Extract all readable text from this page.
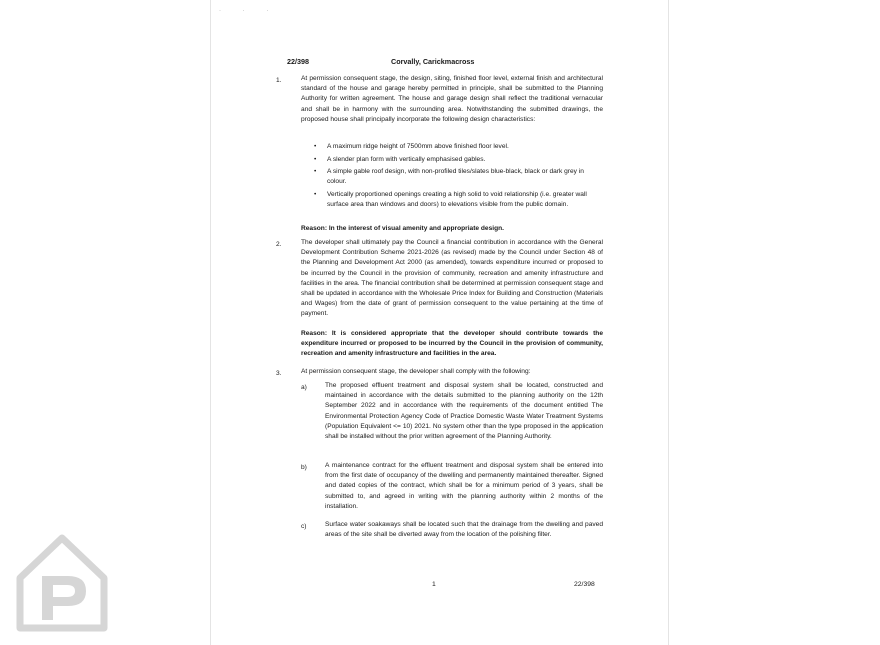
· · ·
22/398	Corvally, Carickmacross
1.	At permission consequent stage, the design, siting, finished floor level, external finish and architectural standard of the house and garage hereby permitted in principle, shall be submitted to the Planning Authority for written agreement. The house and garage design shall reflect the traditional vernacular and shall be in harmony with the surrounding area. Notwithstanding the submitted drawings, the proposed house shall principally incorporate the following design characteristics:

• A maximum ridge height of 7500mm above finished floor level.
• A slender plan form with vertically emphasised gables.
• A simple gable roof design, with non-profiled tiles/slates blue-black, black or dark grey in colour.
• Vertically proportioned openings creating a high solid to void relationship (i.e. greater wall surface area than windows and doors) to elevations visible from the public domain.

Reason: In the interest of visual amenity and appropriate design.

2.	The developer shall ultimately pay the Council a financial contribution in accordance with the General Development Contribution Scheme 2021-2026 (as revised) made by the Council under Section 48 of the Planning and Development Act 2000 (as amended), towards expenditure incurred or proposed to be incurred by the Council in the provision of community, recreation and amenity infrastructure and facilities in the area. The financial contribution shall be determined at permission consequent stage and shall be updated in accordance with the Wholesale Price Index for Building and Construction (Materials and Wages) from the date of grant of permission consequent to the value pertaining at the time of payment.

Reason: It is considered appropriate that the developer should contribute towards the expenditure incurred or proposed to be incurred by the Council in the provision of community, recreation and amenity infrastructure and facilities in the area.

3.	At permission consequent stage, the developer shall comply with the following:

a)	The proposed effluent treatment and disposal system shall be located, constructed and maintained in accordance with the details submitted to the planning authority on the 12th September 2022 and in accordance with the requirements of the document entitled The Environmental Protection Agency Code of Practice Domestic Waste Water Treatment Systems (Population Equivalent <= 10) 2021. No system other than the type proposed in the application shall be installed without the prior written agreement of the Planning Authority.

b)	A maintenance contract for the effluent treatment and disposal system shall be entered into from the first date of occupancy of the dwelling and permanently maintained thereafter. Signed and dated copies of the contract, which shall be for a minimum period of 3 years, shall be submitted to, and agreed in writing with the planning authority within 2 months of the installation.

c)	Surface water soakaways shall be located such that the drainage from the dwelling and paved areas of the site shall be diverted away from the location of the polishing filter.

1	22/398
